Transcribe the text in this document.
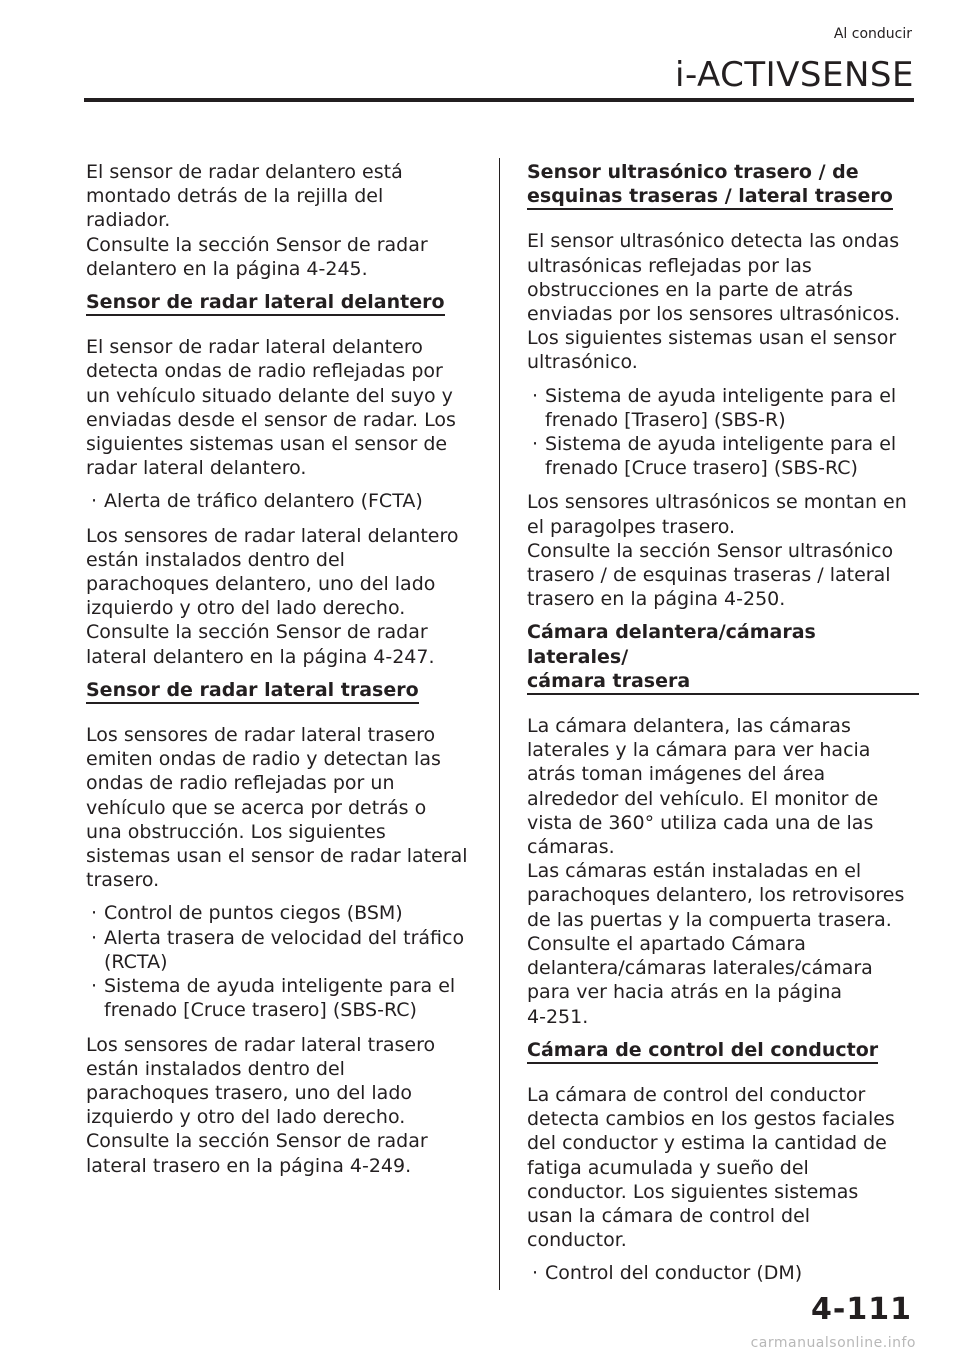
Al conducir
i-ACTIVSENSE

El sensor de radar delantero está
montado detrás de la rejilla del
radiador.
Consulte la sección Sensor de radar
delantero en la página 4-245.

Sensor de radar lateral delantero

El sensor de radar lateral delantero
detecta ondas de radio reflejadas por
un vehículo situado delante del suyo y
enviadas desde el sensor de radar. Los
siguientes sistemas usan el sensor de
radar lateral delantero.

· Alerta de tráfico delantero (FCTA)

Los sensores de radar lateral delantero
están instalados dentro del
parachoques delantero, uno del lado
izquierdo y otro del lado derecho.
Consulte la sección Sensor de radar
lateral delantero en la página 4-247.

Sensor de radar lateral trasero

Los sensores de radar lateral trasero
emiten ondas de radio y detectan las
ondas de radio reflejadas por un
vehículo que se acerca por detrás o
una obstrucción. Los siguientes
sistemas usan el sensor de radar lateral
trasero.

· Control de puntos ciegos (BSM)
· Alerta trasera de velocidad del tráfico
(RCTA)
· Sistema de ayuda inteligente para el
frenado [Cruce trasero] (SBS-RC)

Los sensores de radar lateral trasero
están instalados dentro del
parachoques trasero, uno del lado
izquierdo y otro del lado derecho.
Consulte la sección Sensor de radar
lateral trasero en la página 4-249.

Sensor ultrasónico trasero / de
esquinas traseras / lateral trasero

El sensor ultrasónico detecta las ondas
ultrasónicas reflejadas por las
obstrucciones en la parte de atrás
enviadas por los sensores ultrasónicos.
Los siguientes sistemas usan el sensor
ultrasónico.

· Sistema de ayuda inteligente para el
frenado [Trasero] (SBS-R)
· Sistema de ayuda inteligente para el
frenado [Cruce trasero] (SBS-RC)

Los sensores ultrasónicos se montan en
el paragolpes trasero.
Consulte la sección Sensor ultrasónico
trasero / de esquinas traseras / lateral
trasero en la página 4-250.

Cámara delantera/cámaras laterales/
cámara trasera

La cámara delantera, las cámaras
laterales y la cámara para ver hacia
atrás toman imágenes del área
alrededor del vehículo. El monitor de
vista de 360° utiliza cada una de las
cámaras.
Las cámaras están instaladas en el
parachoques delantero, los retrovisores
de las puertas y la compuerta trasera.
Consulte el apartado Cámara
delantera/cámaras laterales/cámara
para ver hacia atrás en la página
4-251.

Cámara de control del conductor

La cámara de control del conductor
detecta cambios en los gestos faciales
del conductor y estima la cantidad de
fatiga acumulada y sueño del
conductor. Los siguientes sistemas
usan la cámara de control del
conductor.

· Control del conductor (DM)
4-111
carmanualsonline.info
